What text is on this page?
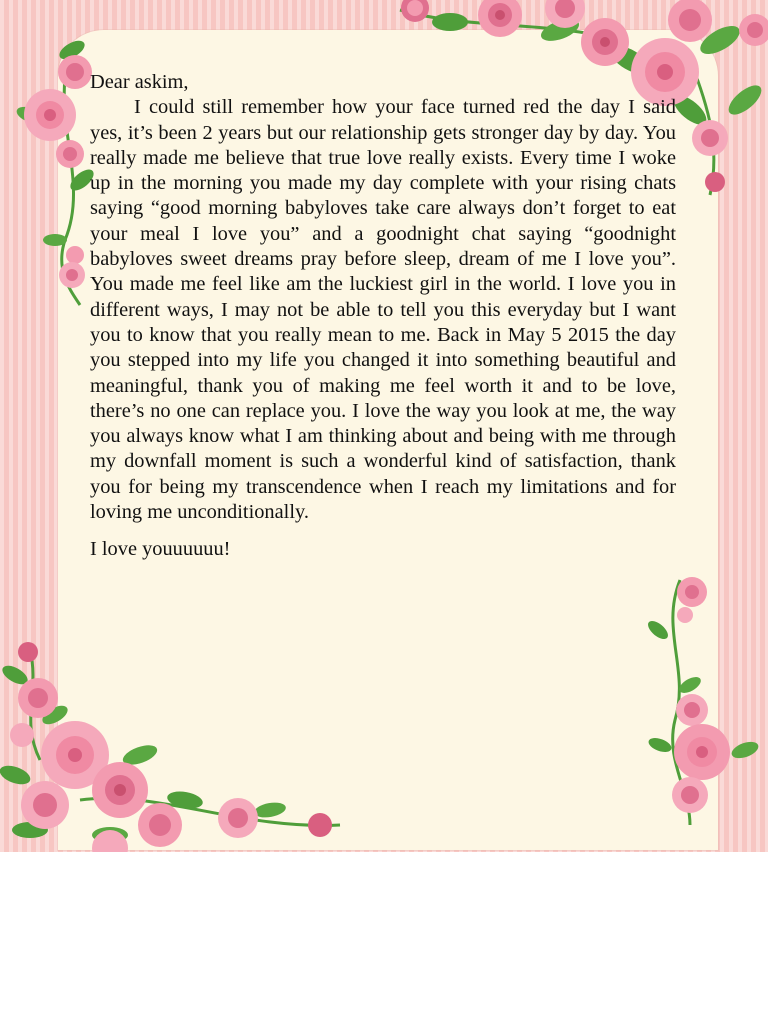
Dear askim,

I could still remember how your face turned red the day I said yes, it’s been 2 years but our relationship gets stronger day by day. You really made me believe that true love really exists. Every time I woke up in the morning you made my day complete with your rising chats saying “good morning babyloves take care always don’t forget to eat your meal I love you” and a goodnight chat saying “goodnight babyloves sweet dreams pray before sleep, dream of me I love you”. You made me feel like am the luckiest girl in the world. I love you in different ways, I may not be able to tell you this everyday but I want you to know that you really mean to me. Back in May 5 2015 the day you stepped into my life you changed it into something beautiful and meaningful, thank you of making me feel worth it and to be love, there’s no one can replace you. I love the way you look at me, the way you always know what I am thinking about and being with me through my downfall moment is such a wonderful kind of satisfaction, thank you for being my transcendence when I reach my limitations and for loving me unconditionally.

I love youuuuuu!
